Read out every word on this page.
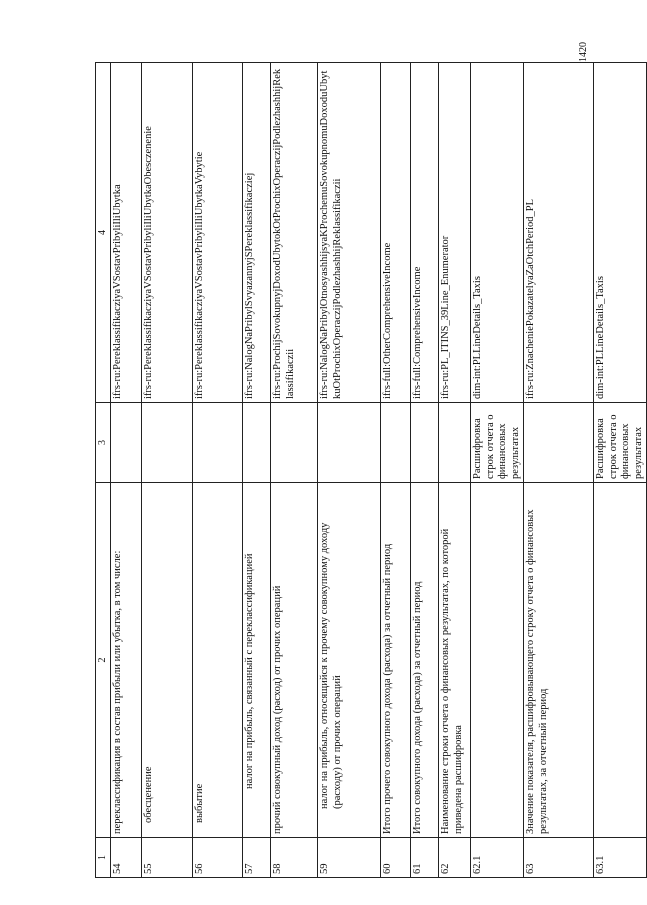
1420
1	2	3	4
54	переклассификация в состав прибыли или убытка, в том числе:		ifrs-ru:PereklassifikacziyaVSostavPribyliIliUbytka
55	обесценение		ifrs-ru:PereklassifikacziyaVSostavPribyliIliUbytkaObesczenenie
56	выбытие		ifrs-ru:PereklassifikacziyaVSostavPribyliIliUbytkaVybytie
57	налог на прибыль, связанный с переклассификацией		ifrs-ru:NalogNaPribylSvyazannyjSPereklassifikacziej
58	прочий совокупный доход (расход) от прочих операций		ifrs-ru:ProchijSovokupnyjDoxodUbytokOtProchixOperaczijPodlezhashhijReklassifikaczii
59	налог на прибыль, относящийся к прочему совокупному доходу (расходу) от прочих операций		ifrs-ru:NalogNaPribylOtnosyashhijsyaKProchemuSovokupnomuDoxoduUbytkuOtProchixOperaczijPodlezhashhijReklassifikaczii
60	Итого прочего совокупного дохода (расхода) за отчетный период		ifrs-full:OtherComprehensiveIncome
61	Итого совокупного дохода (расхода) за отчетный период		ifrs-full:ComprehensiveIncome
62	Наименование строки отчета о финансовых результатах, по которой приведена расшифровка		ifrs-ru:PL_ITINS_39Line_Enumerator
62.1		Расшифровка строк отчета о финансовых результатах	dim-int:PLLineDetails_Taxis
63	Значение показателя, расшифровывающего строку отчета о финансовых результатах, за отчетный период		ifrs-ru:ZnacheniePokazatelyaZaOtchPeriod_PL
63.1		Расшифровка строк отчета о финансовых результатах	dim-int:PLLineDetails_Taxis
